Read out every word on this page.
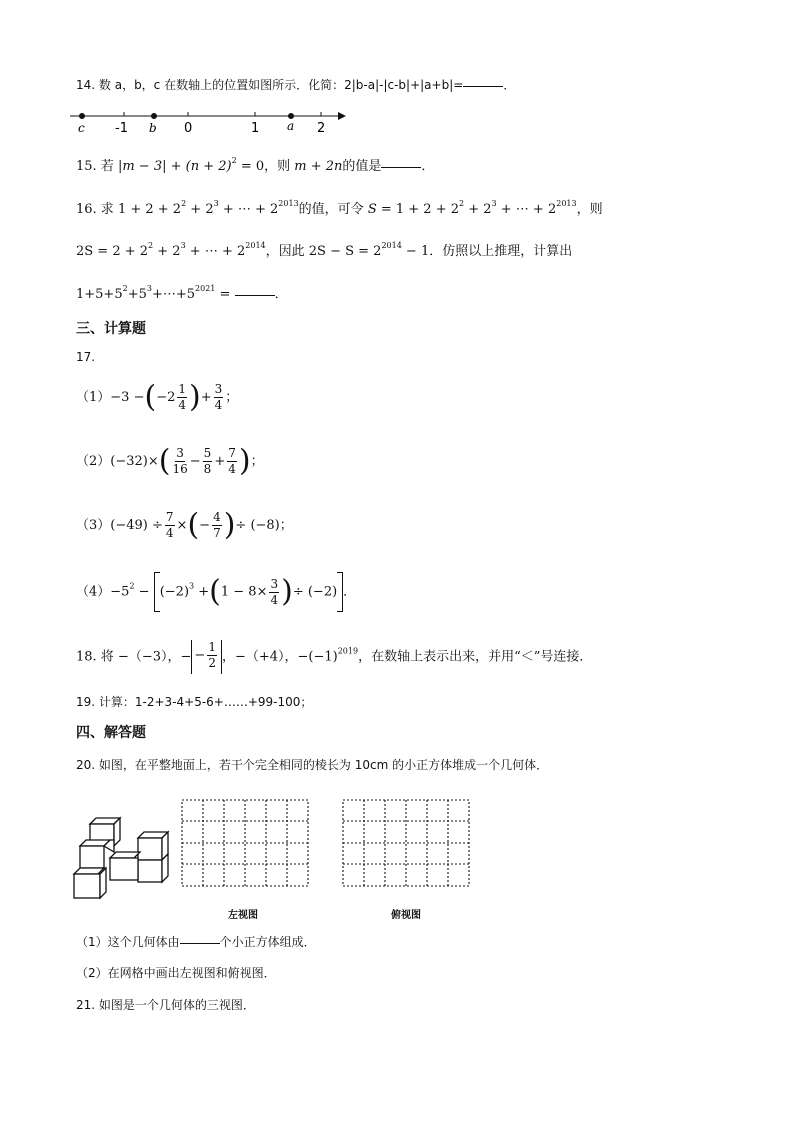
14. 数 a，b，c 在数轴上的位置如图所示．化简：2|b-a|-|c-b|+|a+b|=	．
c -1 b 0	1 a 2
15. 若 $|m - 3| + (n + 2)^2 = 0$，则 m + 2n的值是	．
16. 求 $1 + 2 + 2^2 + 2^3$ + ⋯ + $2^{2013}$的值，可令 $S = 1 + 2 + 2^2 + 2^3$ + ⋯ + $2^{2013}$，则
$2S = 2 + 2^2 + 2^3$ + ⋯ + $2^{2014}$，因此 $2S - S = 2^{2014} - 1$．仿照以上推理，计算出
$1+5+5^2+5^3+\cdots+5^{2021}$ =	．
三、计算题
17.
$(1)-3 -(-2 \frac{1}{4}$ )+ $\frac{3}{4}$ ；
$(2)(-32)\times( \frac{3}{16} - \frac{5}{8} + \frac{7}{4}$ )；
$(3)(-49) \div \frac{7}{4}$ ×(− $\frac{4}{7}$ )÷ (−8)；
$(4)-5^2 - (-2)^3 +(1 - 8\times \frac{3}{4}$ )÷ (−2) ．
18. 将 −（−3），− − $\frac{1}{2}$ ，−（+4），$-(-1)^{2019}$，在数轴上表示出来，并用“＜”号连接．
19. 计算：1-2+3-4+5-6+……+99-100；
四、解答题
20. 如图，在平整地面上，若干个完全相同的棱长为 10cm 的小正方体堆成一个几何体．
左视图	俯视图
（1）这个几何体由	个小正方体组成．
（2）在网格中画出左视图和俯视图．
21. 如图是一个几何体的三视图．
